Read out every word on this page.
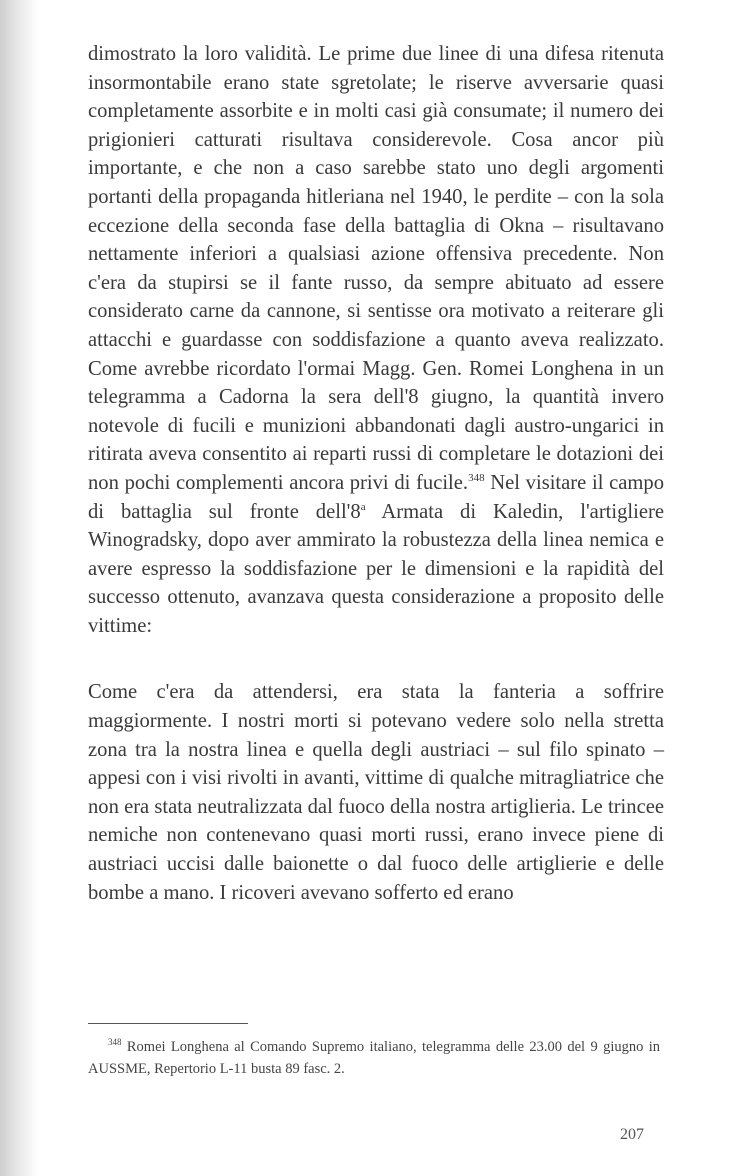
dimostrato la loro validità. Le prime due linee di una difesa ritenuta insormontabile erano state sgretolate; le riserve avversarie quasi completamente assorbite e in molti casi già consumate; il numero dei prigionieri catturati risultava considerevole. Cosa ancor più importante, e che non a caso sarebbe stato uno degli argomenti portanti della propaganda hitleriana nel 1940, le perdite – con la sola eccezione della seconda fase della battaglia di Okna – risultavano nettamente inferiori a qualsiasi azione offensiva precedente. Non c'era da stupirsi se il fante russo, da sempre abituato ad essere considerato carne da cannone, si sentisse ora motivato a reiterare gli attacchi e guardasse con soddisfazione a quanto aveva realizzato. Come avrebbe ricordato l'ormai Magg. Gen. Romei Longhena in un telegramma a Cadorna la sera dell'8 giugno, la quantità invero notevole di fucili e munizioni abbandonati dagli austro-ungarici in ritirata aveva consentito ai reparti russi di completare le dotazioni dei non pochi complementi ancora privi di fucile.$^{348}$ Nel visitare il campo di battaglia sul fronte dell'8$^a$ Armata di Kaledin, l'artigliere Winogradsky, dopo aver ammirato la robustezza della linea nemica e avere espresso la soddisfazione per le dimensioni e la rapidità del successo ottenuto, avanzava questa considerazione a proposito delle vittime:

Come c'era da attendersi, era stata la fanteria a soffrire maggiormente. I nostri morti si potevano vedere solo nella stretta zona tra la nostra linea e quella degli austriaci – sul filo spinato – appesi con i visi rivolti in avanti, vittime di qualche mitragliatrice che non era stata neutralizzata dal fuoco della nostra artiglieria. Le trincee nemiche non contenevano quasi morti russi, erano invece piene di austriaci uccisi dalle baionette o dal fuoco delle artiglierie e delle bombe a mano. I ricoveri avevano sofferto ed erano

$^{348}$ Romei Longhena al Comando Supremo italiano, telegramma delle 23.00 del 9 giugno in AUSSME, Repertorio L-11 busta 89 fasc. 2.

207
